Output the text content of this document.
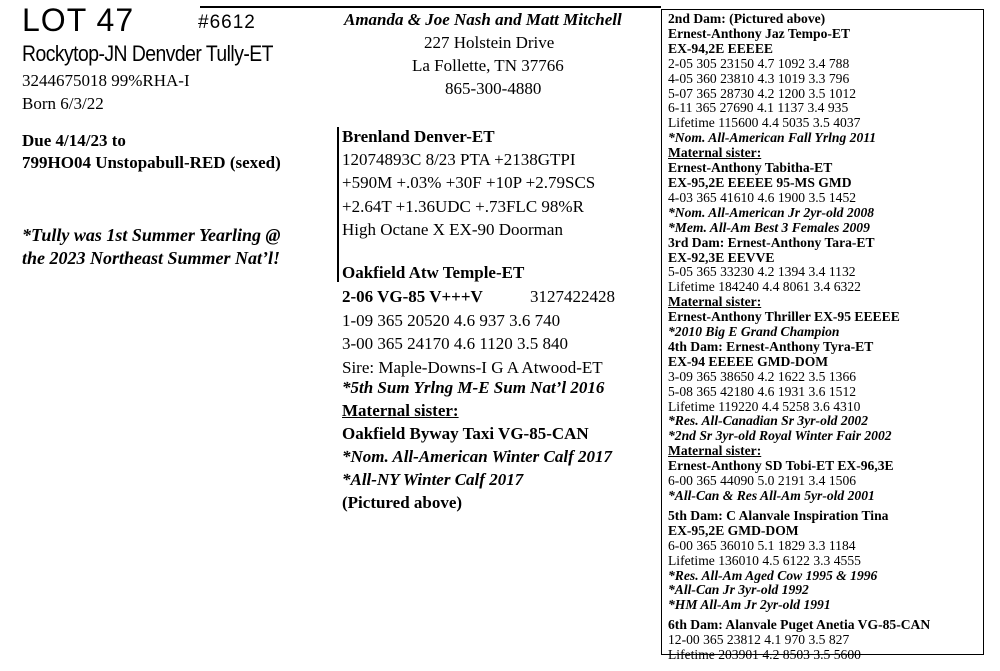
LOT 47	#6612
Rockytop-JN Denvder Tully-ET
3244675018 99%RHA-I
Born 6/3/22
Due 4/14/23 to
799HO04 Unstopabull-RED (sexed)
*Tully was 1st Summer Yearling @
the 2023 Northeast Summer Nat’l!
Amanda & Joe Nash and Matt Mitchell
227 Holstein Drive
La Follette, TN 37766
865-300-4880
Brenland Denver-ET
12074893C 8/23 PTA +2138GTPI
+590M +.03% +30F +10P +2.79SCS
+2.64T +1.36UDC +.73FLC 98%R
High Octane X EX-90 Doorman
Oakfield Atw Temple-ET
2-06 VG-85 V+++V	3127422428
1-09 365 20520 4.6 937 3.6 740
3-00 365 24170 4.6 1120 3.5 840
Sire: Maple-Downs-I G A Atwood-ET
*5th Sum Yrlng M-E Sum Nat’l 2016
Maternal sister:
Oakfield Byway Taxi VG-85-CAN
*Nom. All-American Winter Calf 2017
*All-NY Winter Calf 2017
(Pictured above)
2nd Dam: (Pictured above)
Ernest-Anthony Jaz Tempo-ET
EX-94,2E EEEEE
2-05 305 23150 4.7 1092 3.4 788
4-05 360 23810 4.3 1019 3.3 796
5-07 365 28730 4.2 1200 3.5 1012
6-11 365 27690 4.1 1137 3.4 935
Lifetime 115600 4.4 5035 3.5 4037
*Nom. All-American Fall Yrlng 2011
Maternal sister:
Ernest-Anthony Tabitha-ET
EX-95,2E EEEEE 95-MS GMD
4-03 365 41610 4.6 1900 3.5 1452
*Nom. All-American Jr 2yr-old 2008
*Mem. All-Am Best 3 Females 2009
3rd Dam: Ernest-Anthony Tara-ET
EX-92,3E EEVVE
5-05 365 33230 4.2 1394 3.4 1132
Lifetime 184240 4.4 8061 3.4 6322
Maternal sister:
Ernest-Anthony Thriller EX-95 EEEEE
*2010 Big E Grand Champion
4th Dam: Ernest-Anthony Tyra-ET
EX-94 EEEEE GMD-DOM
3-09 365 38650 4.2 1622 3.5 1366
5-08 365 42180 4.6 1931 3.6 1512
Lifetime 119220 4.4 5258 3.6 4310
*Res. All-Canadian Sr 3yr-old 2002
*2nd Sr 3yr-old Royal Winter Fair 2002
Maternal sister:
Ernest-Anthony SD Tobi-ET EX-96,3E
6-00 365 44090 5.0 2191 3.4 1506
*All-Can & Res All-Am 5yr-old 2001
5th Dam: C Alanvale Inspiration Tina
EX-95,2E GMD-DOM
6-00 365 36010 5.1 1829 3.3 1184
Lifetime 136010 4.5 6122 3.3 4555
*Res. All-Am Aged Cow 1995 & 1996
*All-Can Jr 3yr-old 1992
*HM All-Am Jr 2yr-old 1991
6th Dam: Alanvale Puget Anetia VG-85-CAN
12-00 365 23812 4.1 970 3.5 827
Lifetime 203901 4.2 8503 3.5 5600
